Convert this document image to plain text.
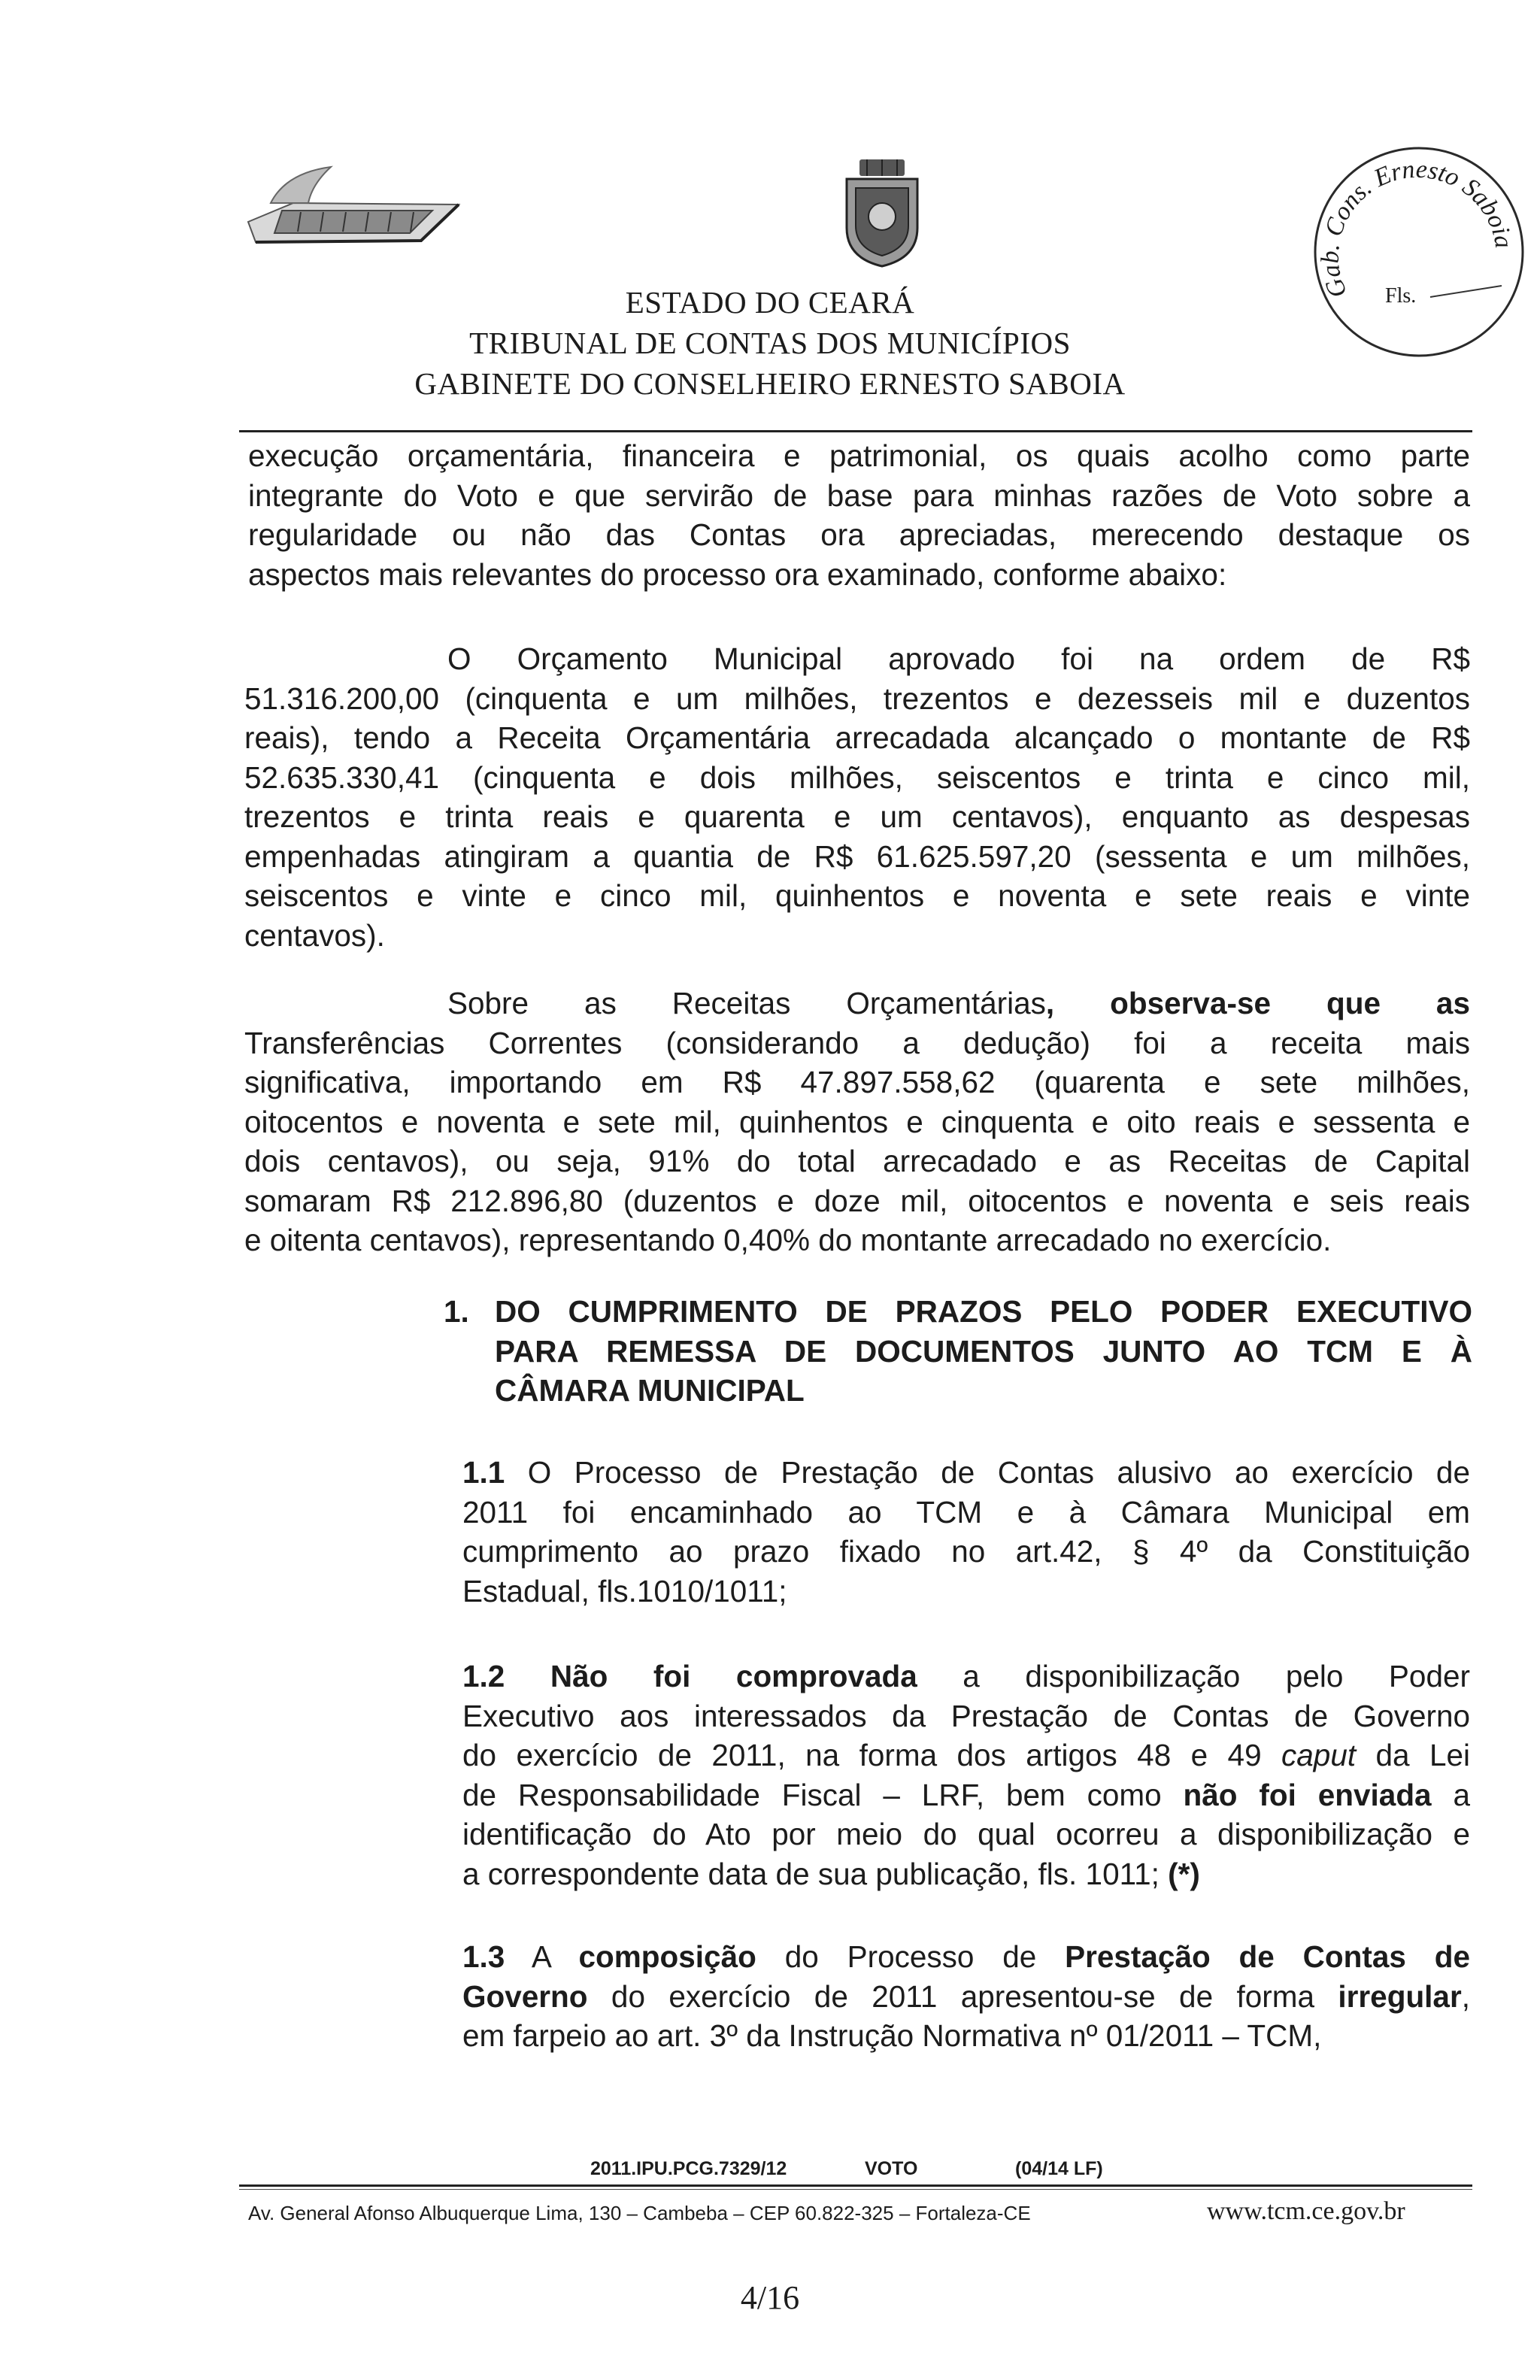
ESTADO DO CEARÁ
TRIBUNAL DE CONTAS DOS MUNICÍPIOS
GABINETE DO CONSELHEIRO ERNESTO SABOIA
Gab. Cons. Ernesto Saboia
Fls.
execução orçamentária, financeira e patrimonial, os quais acolho como parte
integrante do Voto e que servirão de base para minhas razões de Voto sobre a
regularidade ou não das Contas ora apreciadas, merecendo destaque os
aspectos mais relevantes do processo ora examinado, conforme abaixo:
O Orçamento Municipal aprovado foi na ordem de R$
51.316.200,00 (cinquenta e um milhões, trezentos e dezesseis mil e duzentos
reais), tendo a Receita Orçamentária arrecadada alcançado o montante de R$
52.635.330,41 (cinquenta e dois milhões, seiscentos e trinta e cinco mil,
trezentos e trinta reais e quarenta e um centavos), enquanto as despesas
empenhadas atingiram a quantia de R$ 61.625.597,20 (sessenta e um milhões,
seiscentos e vinte e cinco mil, quinhentos e noventa e sete reais e vinte
centavos).
Sobre as Receitas Orçamentárias, observa-se que as
Transferências Correntes (considerando a dedução) foi a receita mais
significativa, importando em R$ 47.897.558,62 (quarenta e sete milhões,
oitocentos e noventa e sete mil, quinhentos e cinquenta e oito reais e sessenta e
dois centavos), ou seja, 91% do total arrecadado e as Receitas de Capital
somaram R$ 212.896,80 (duzentos e doze mil, oitocentos e noventa e seis reais
e oitenta centavos), representando 0,40% do montante arrecadado no exercício.
1. DO CUMPRIMENTO DE PRAZOS PELO PODER EXECUTIVO
PARA REMESSA DE DOCUMENTOS JUNTO AO TCM E À
CÂMARA MUNICIPAL
1.1 O Processo de Prestação de Contas alusivo ao exercício de
2011 foi encaminhado ao TCM e à Câmara Municipal em
cumprimento ao prazo fixado no art.42, § 4º da Constituição
Estadual, fls.1010/1011;
1.2 Não foi comprovada a disponibilização pelo Poder
Executivo aos interessados da Prestação de Contas de Governo
do exercício de 2011, na forma dos artigos 48 e 49 caput da Lei
de Responsabilidade Fiscal – LRF, bem como não foi enviada a
identificação do Ato por meio do qual ocorreu a disponibilização e
a correspondente data de sua publicação, fls. 1011; (*)
1.3 A composição do Processo de Prestação de Contas de
Governo do exercício de 2011 apresentou-se de forma irregular,
em farpeio ao art. 3º da Instrução Normativa nº 01/2011 – TCM,
2011.IPU.PCG.7329/12	VOTO	(04/14 LF)
Av. General Afonso Albuquerque Lima, 130 – Cambeba – CEP 60.822-325 – Fortaleza-CE	www.tcm.ce.gov.br
4/16
